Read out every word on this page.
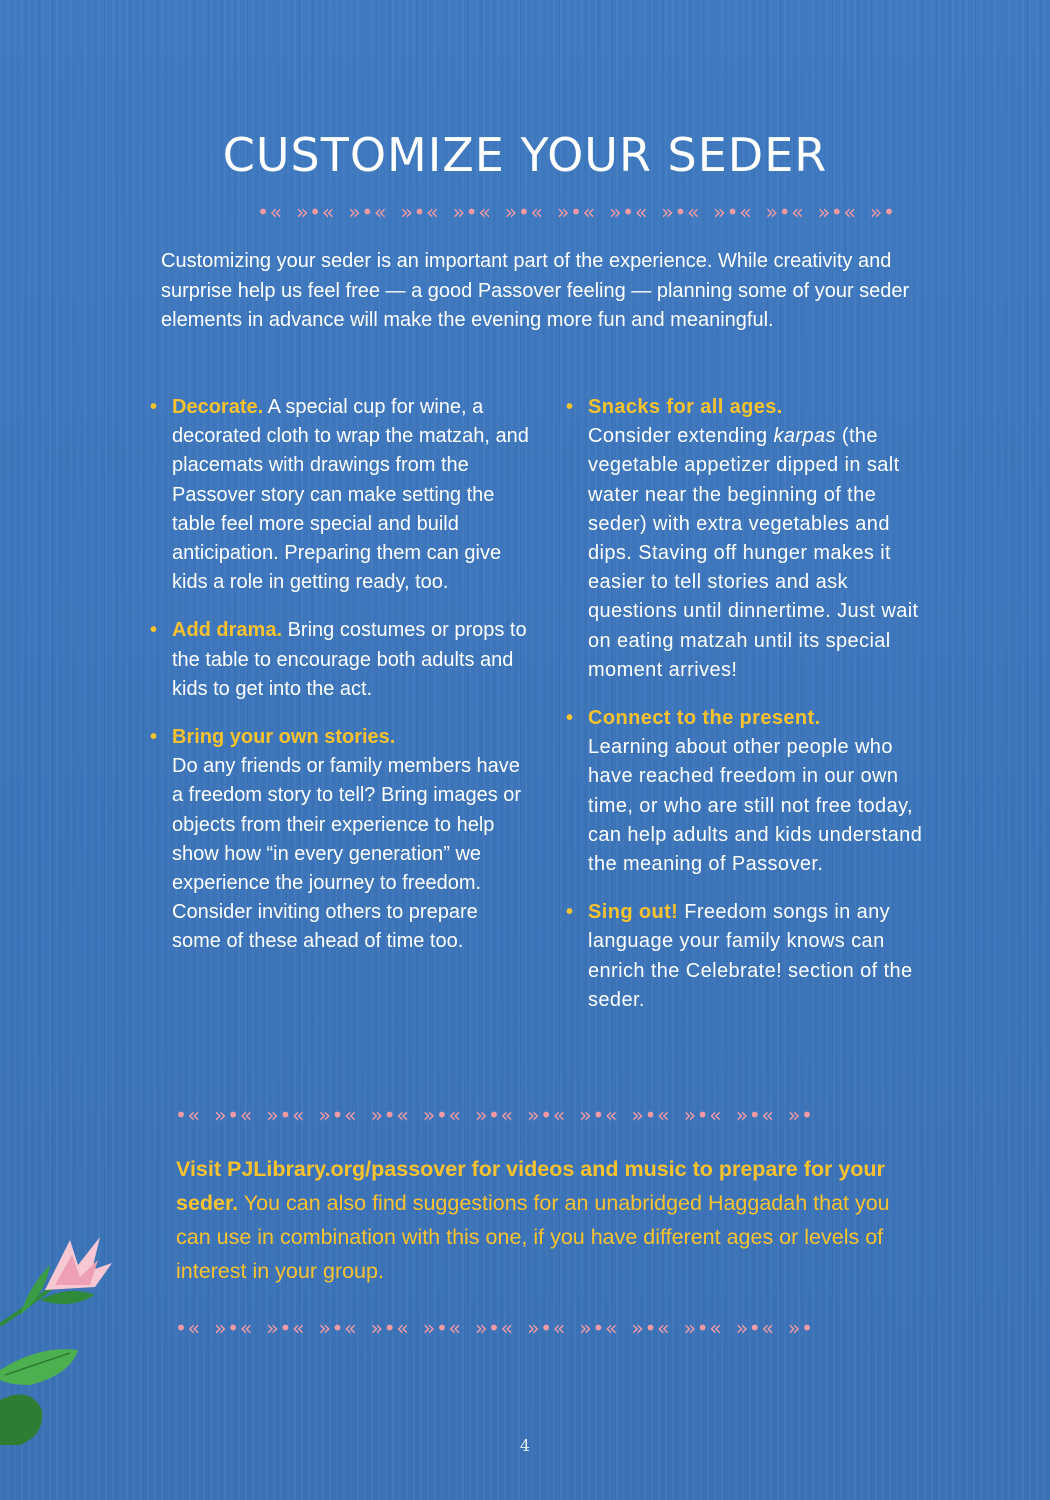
CUSTOMIZE YOUR SEDER
•« »•« »•« »•« »•« »•« »•« »•« »•« »•« »•« »•« »•

Customizing your seder is an important part of the experience. While creativity and surprise help us feel free — a good Passover feeling — planning some of your seder elements in advance will make the evening more fun and meaningful.

• Decorate. A special cup for wine, a decorated cloth to wrap the matzah, and placemats with drawings from the Passover story can make setting the table feel more special and build anticipation. Preparing them can give kids a role in getting ready, too.

• Add drama. Bring costumes or props to the table to encourage both adults and kids to get into the act.

• Bring your own stories.
Do any friends or family members have a freedom story to tell? Bring images or objects from their experience to help show how “in every generation” we experience the journey to freedom. Consider inviting others to prepare some of these ahead of time too.

• Snacks for all ages.
Consider extending karpas (the vegetable appetizer dipped in salt water near the beginning of the seder) with extra vegetables and dips. Staving off hunger makes it easier to tell stories and ask questions until dinnertime. Just wait on eating matzah until its special moment arrives!

• Connect to the present.
Learning about other people who have reached freedom in our own time, or who are still not free today, can help adults and kids understand the meaning of Passover.

• Sing out! Freedom songs in any language your family knows can enrich the Celebrate! section of the seder.

•« »•« »•« »•« »•« »•« »•« »•« »•« »•« »•« »•« »•

Visit PJLibrary.org/passover for videos and music to prepare for your seder. You can also find suggestions for an unabridged Haggadah that you can use in combination with this one, if you have different ages or levels of interest in your group.

•« »•« »•« »•« »•« »•« »•« »•« »•« »•« »•« »•« »•
4
